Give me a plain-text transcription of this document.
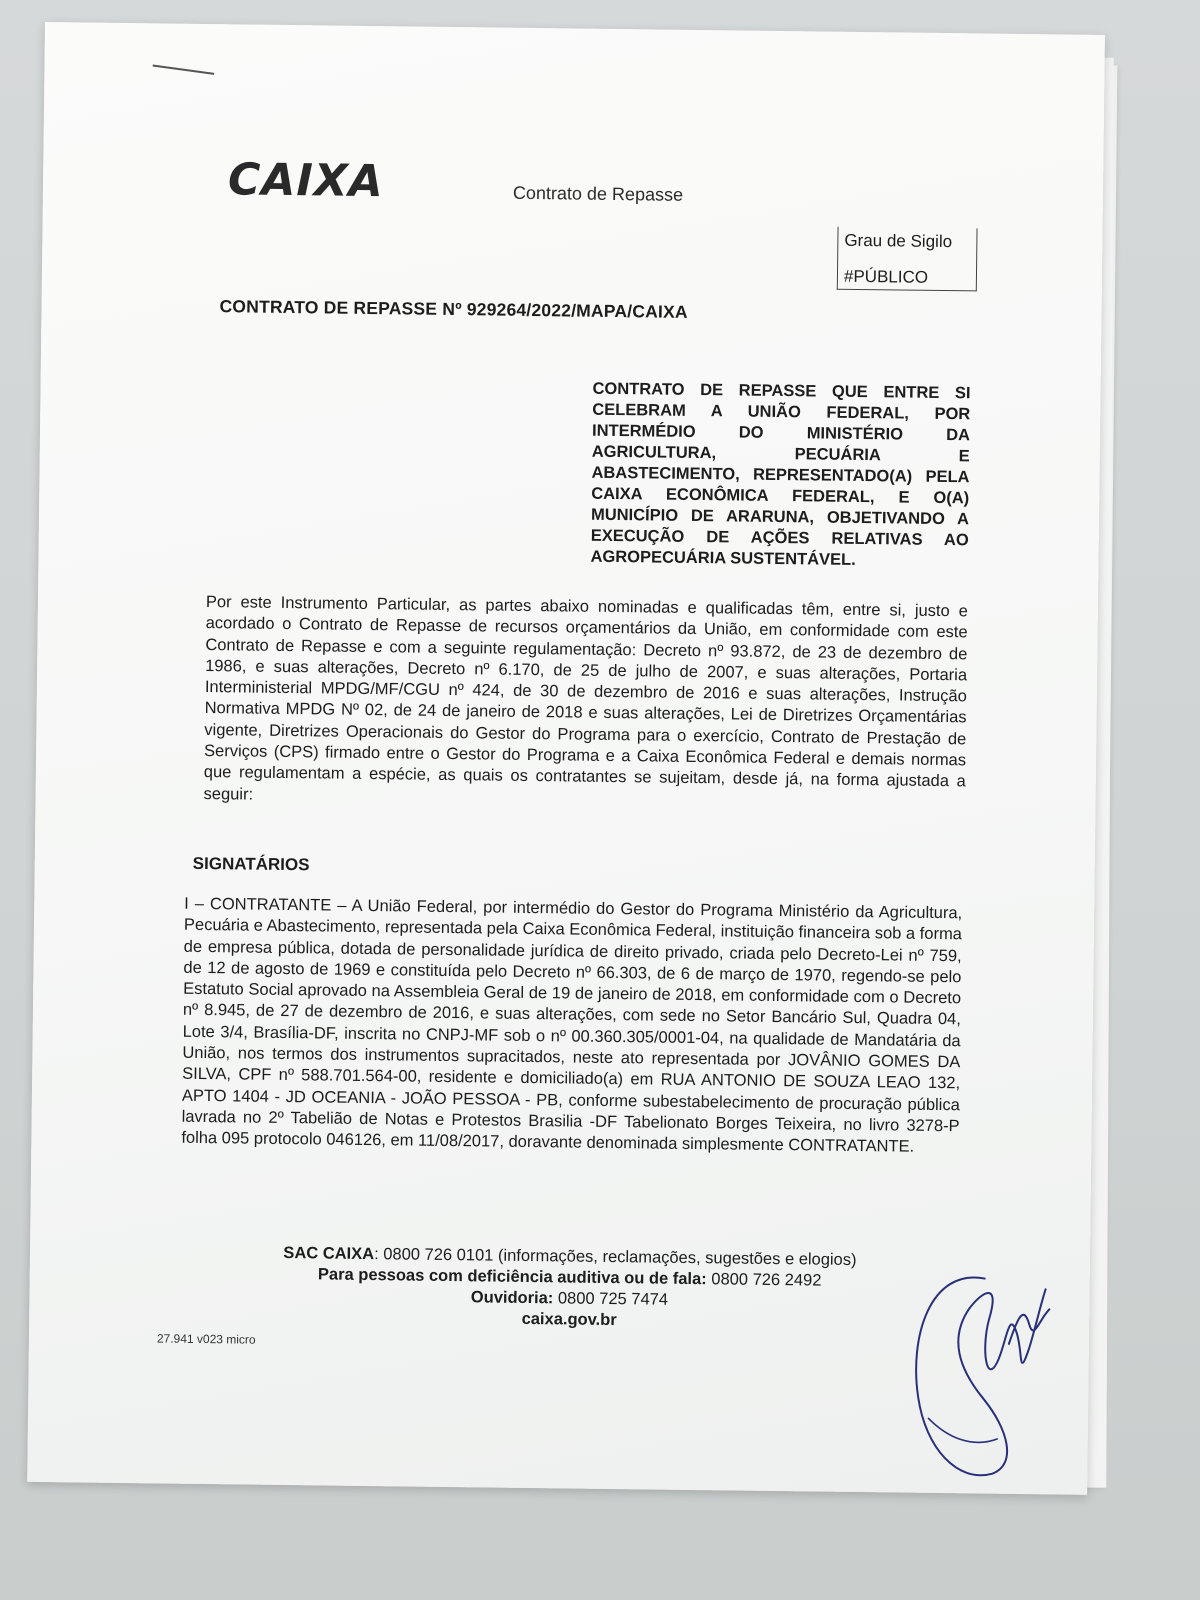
CAIXA	Contrato de Repasse
Grau de Sigilo
#PÚBLICO
CONTRATO DE REPASSE Nº 929264/2022/MAPA/CAIXA
CONTRATO DE REPASSE QUE ENTRE SI CELEBRAM A UNIÃO FEDERAL, POR INTERMÉDIO DO MINISTÉRIO DA AGRICULTURA, PECUÁRIA E ABASTECIMENTO, REPRESENTADO(A) PELA CAIXA ECONÔMICA FEDERAL, E O(A) MUNICÍPIO DE ARARUNA, OBJETIVANDO A EXECUÇÃO DE AÇÕES RELATIVAS AO AGROPECUÁRIA SUSTENTÁVEL.
Por este Instrumento Particular, as partes abaixo nominadas e qualificadas têm, entre si, justo e acordado o Contrato de Repasse de recursos orçamentários da União, em conformidade com este Contrato de Repasse e com a seguinte regulamentação: Decreto nº 93.872, de 23 de dezembro de 1986, e suas alterações, Decreto nº 6.170, de 25 de julho de 2007, e suas alterações, Portaria Interministerial MPDG/MF/CGU nº 424, de 30 de dezembro de 2016 e suas alterações, Instrução Normativa MPDG Nº 02, de 24 de janeiro de 2018 e suas alterações, Lei de Diretrizes Orçamentárias vigente, Diretrizes Operacionais do Gestor do Programa para o exercício, Contrato de Prestação de Serviços (CPS) firmado entre o Gestor do Programa e a Caixa Econômica Federal e demais normas que regulamentam a espécie, as quais os contratantes se sujeitam, desde já, na forma ajustada a seguir:
SIGNATÁRIOS
I – CONTRATANTE – A União Federal, por intermédio do Gestor do Programa Ministério da Agricultura, Pecuária e Abastecimento, representada pela Caixa Econômica Federal, instituição financeira sob a forma de empresa pública, dotada de personalidade jurídica de direito privado, criada pelo Decreto-Lei nº 759, de 12 de agosto de 1969 e constituída pelo Decreto nº 66.303, de 6 de março de 1970, regendo-se pelo Estatuto Social aprovado na Assembleia Geral de 19 de janeiro de 2018, em conformidade com o Decreto nº 8.945, de 27 de dezembro de 2016, e suas alterações, com sede no Setor Bancário Sul, Quadra 04, Lote 3/4, Brasília-DF, inscrita no CNPJ-MF sob o nº 00.360.305/0001-04, na qualidade de Mandatária da União, nos termos dos instrumentos supracitados, neste ato representada por JOVÂNIO GOMES DA SILVA, CPF nº 588.701.564-00, residente e domiciliado(a) em RUA ANTONIO DE SOUZA LEAO 132, APTO 1404 - JD OCEANIA - JOÃO PESSOA - PB, conforme subestabelecimento de procuração pública lavrada no 2º Tabelião de Notas e Protestos Brasilia -DF Tabelionato Borges Teixeira, no livro 3278-P folha 095 protocolo 046126, em 11/08/2017, doravante denominada simplesmente CONTRATANTE.
SAC CAIXA: 0800 726 0101 (informações, reclamações, sugestões e elogios)
Para pessoas com deficiência auditiva ou de fala: 0800 726 2492
Ouvidoria: 0800 725 7474
caixa.gov.br
27.941 v023 micro
